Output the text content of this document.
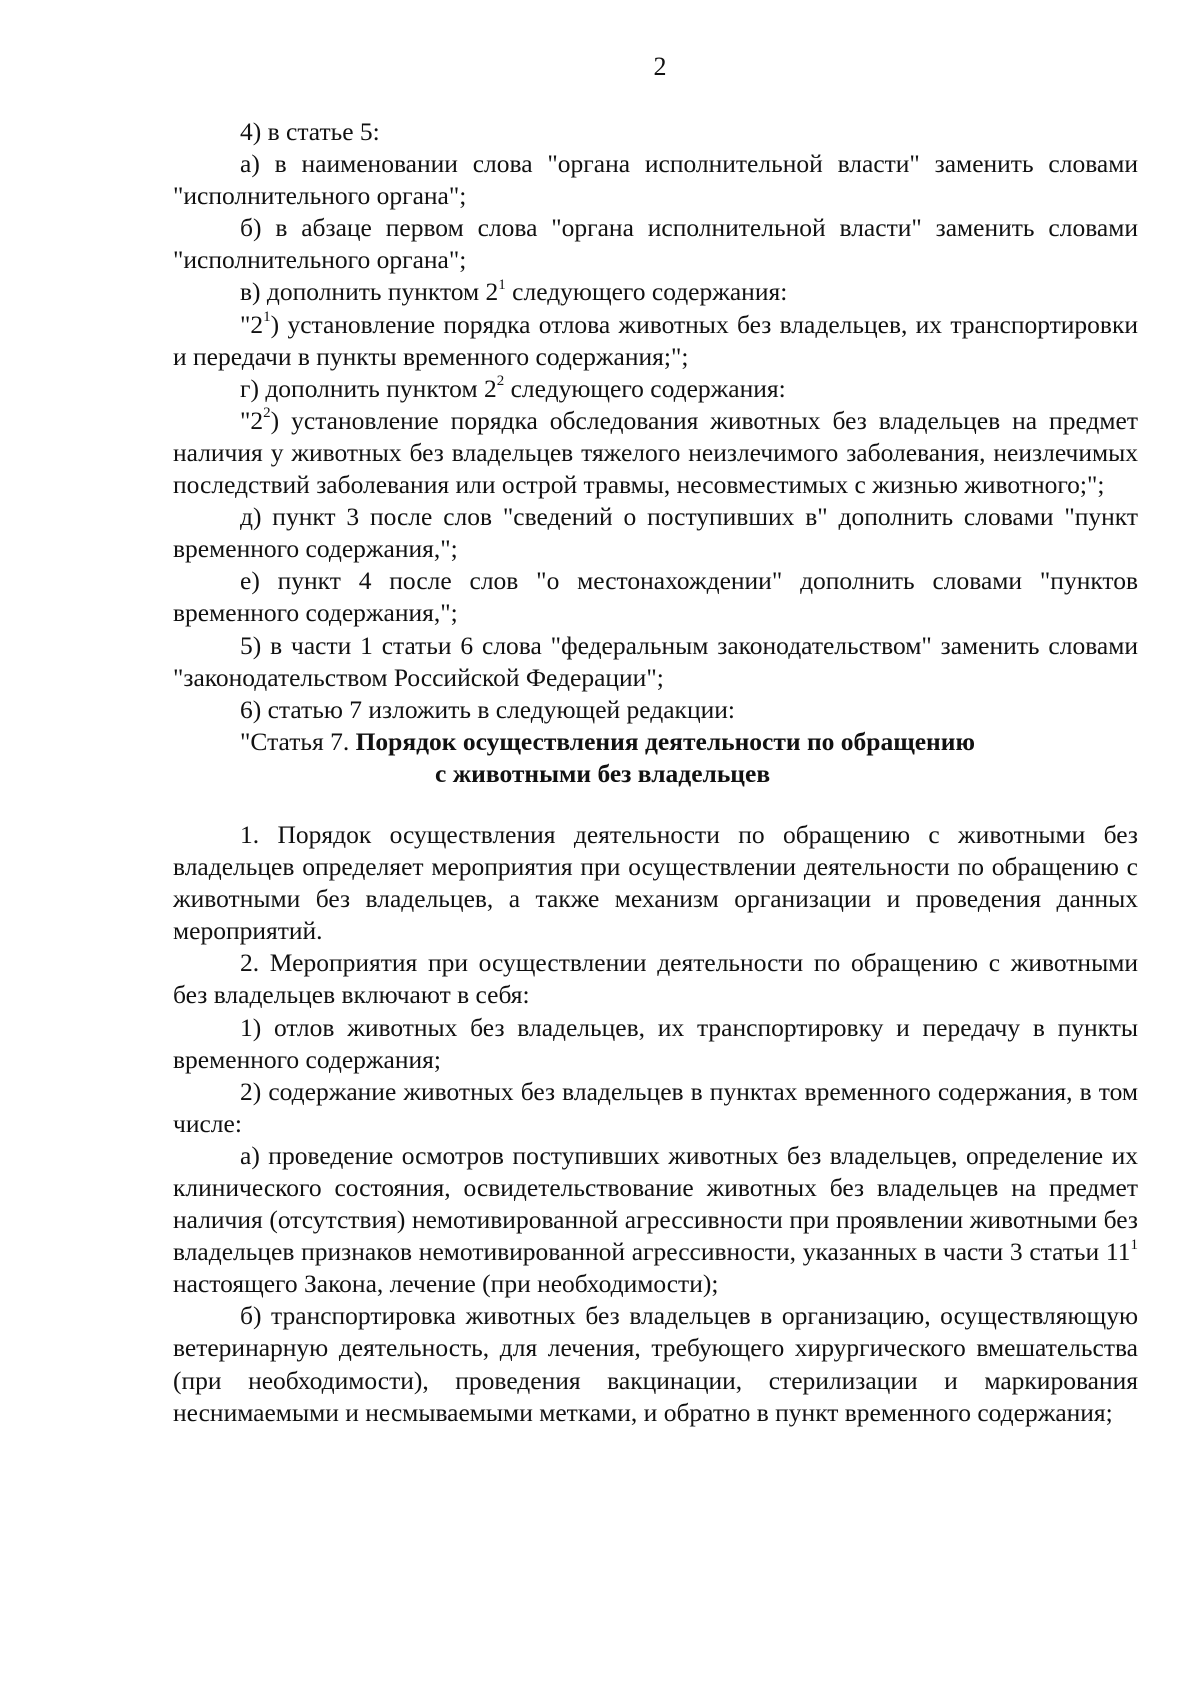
2

4) в статье 5:

а) в наименовании слова "органа исполнительной власти" заменить словами "исполнительного органа";

б) в абзаце первом слова "органа исполнительной власти" заменить словами "исполнительного органа";

в) дополнить пунктом $2^1$ следующего содержания:

"$2^1$) установление порядка отлова животных без владельцев, их транспортировки и передачи в пункты временного содержания;";

г) дополнить пунктом $2^2$ следующего содержания:

"$2^2$) установление порядка обследования животных без владельцев на предмет наличия у животных без владельцев тяжелого неизлечимого заболевания, неизлечимых последствий заболевания или острой травмы, несовместимых с жизнью животного;";

д) пункт 3 после слов "сведений о поступивших в" дополнить словами "пункт временного содержания,";

е) пункт 4 после слов "о местонахождении" дополнить словами "пунктов временного содержания,";

5) в части 1 статьи 6 слова "федеральным законодательством" заменить словами "законодательством Российской Федерации";

6) статью 7 изложить в следующей редакции:

"Статья 7. Порядок осуществления деятельности по обращению
с животными без владельцев

1. Порядок осуществления деятельности по обращению с животными без владельцев определяет мероприятия при осуществлении деятельности по обращению с животными без владельцев, а также механизм организации и проведения данных мероприятий.

2. Мероприятия при осуществлении деятельности по обращению с животными без владельцев включают в себя:

1) отлов животных без владельцев, их транспортировку и передачу в пункты временного содержания;

2) содержание животных без владельцев в пунктах временного содержания, в том числе:

а) проведение осмотров поступивших животных без владельцев, определение их клинического состояния, освидетельствование животных без владельцев на предмет наличия (отсутствия) немотивированной агрессивности при проявлении животными без владельцев признаков немотивированной агрессивности, указанных в части 3 статьи $11^1$ настоящего Закона, лечение (при необходимости);

б) транспортировка животных без владельцев в организацию, осуществляющую ветеринарную деятельность, для лечения, требующего хирургического вмешательства (при необходимости), проведения вакцинации, стерилизации и маркирования неснимаемыми и несмываемыми метками, и обратно в пункт временного содержания;
